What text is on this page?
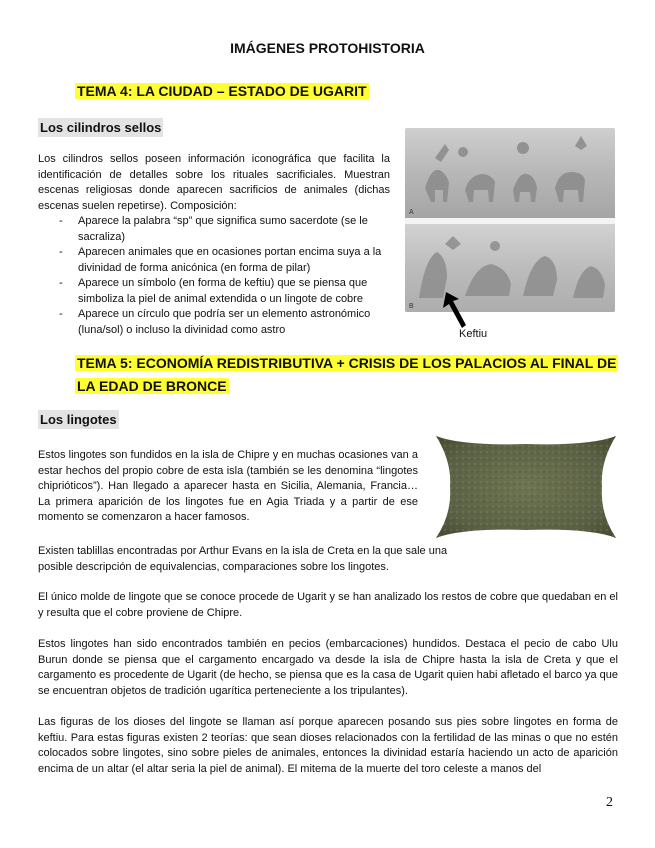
IMÁGENES PROTOHISTORIA
TEMA 4: LA CIUDAD – ESTADO DE UGARIT
Los cilindros sellos

Los cilindros sellos poseen información iconográfica que facilita la identificación de detalles sobre los rituales sacrificiales. Muestran escenas religiosas donde aparecen sacrificios de animales (dichas escenas suelen repetirse). Composición:

- Aparece la palabra “sp” que significa sumo sacerdote (se le sacraliza)
- Aparecen animales que en ocasiones portan encima suya a la divinidad de forma anicónica (en forma de pilar)
- Aparece un símbolo (en forma de keftiu) que se piensa que simboliza la piel de animal extendida o un lingote de cobre
- Aparece un círculo que podría ser un elemento astronómico (luna/sol) o incluso la divinidad como astro
A
B
Keftiu
TEMA 5: ECONOMÍA REDISTRIBUTIVA + CRISIS DE LOS PALACIOS AL FINAL DE
LA EDAD DE BRONCE
Los lingotes

Estos lingotes son fundidos en la isla de Chipre y en muchas ocasiones van a estar hechos del propio cobre de esta isla (también se les denomina “lingotes chiprióticos”). Han llegado a aparecer hasta en Sicilia, Alemania, Francia… La primera aparición de los lingotes fue en Agia Triada y a partir de ese momento se comenzaron a hacer famosos.

Existen tablillas encontradas por Arthur Evans en la isla de Creta en la que sale una posible descripción de equivalencias, comparaciones sobre los lingotes.

El único molde de lingote que se conoce procede de Ugarit y se han analizado los restos de cobre que quedaban en el y resulta que el cobre proviene de Chipre.

Estos lingotes han sido encontrados también en pecios (embarcaciones) hundidos. Destaca el pecio de cabo Ulu Burun donde se piensa que el cargamento encargado va desde la isla de Chipre hasta la isla de Creta y que el cargamento es procedente de Ugarit (de hecho, se piensa que es la casa de Ugarit quien habi afletado el barco ya que se encuentran objetos de tradición ugarítica perteneciente a los tripulantes).

Las figuras de los dioses del lingote se llaman así porque aparecen posando sus pies sobre lingotes en forma de keftiu. Para estas figuras existen 2 teorías: que sean dioses relacionados con la fertilidad de las minas o que no estén colocados sobre lingotes, sino sobre pieles de animales, entonces la divinidad estaría haciendo un acto de aparición encima de un altar (el altar seria la piel de animal). El mitema de la muerte del toro celeste a manos del

2
